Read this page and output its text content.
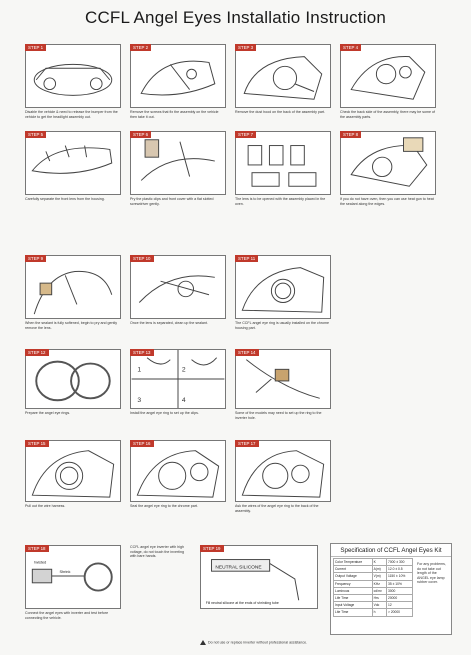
CCFL Angel Eyes Installatio Instruction
STEP 1
Disable the vehicle & need to release the bumper from the vehicle to get the headlight assembly out.
STEP 2
Remove the screws that fix the assembly on the vehicle then take it out.
STEP 3
Remove the dust hood on the back of the assembly part.
STEP 4
Check the back side of the assembly, there may be some of the assembly parts.
STEP 5
Carefully separate the front lens from the housing.
STEP 6
Pry the plastic clips and front cover with a flat slotted screwdriver gently.
STEP 7
The lens is to be opened with the assembly placed in the oven.
STEP 8
If you do not have oven, then you can use heat gun to heat the sealant along the edges.
STEP 9
When the sealant is fully softened, begin to pry and gently remove the lens.
STEP 10
Once the lens is separated, clean up the sealant.
STEP 11
The CCFL angel eye ring is usually installed on the chrome housing part.
STEP 12
Prepare the angel eye rings.
1	2
3	4
STEP 13
Install the angel eye ring to set up the clips.
STEP 14
Some of the models may need to set up the ring to the inverter hole.
STEP 15
Pull out the wire harness.
STEP 16
Seal the angel eye ring to the chrome part.
STEP 17
Ask the wires of the angel eye ring to the back of the assembly.
twisted
Shrink
STEP 18
Connect the angel eyes with inverter and test before connecting the vehicle.
CCFL angel eye inverter with high voltage, do not touch the inverting with bare hands.
NEUTRAL SILICONE
Fill neutral silicone at the ends of shrinking tube
STEP 19	Specification of CCFL Angel Eyes Kit
Color Temperature	K	7000 ± 300
Current	A(m)	12.0 ± 0.5
Output Voltage	V(m)	1150 ± 10%
Frequency	KHz	35 ± 10%
Luminous	cd/m²	3000
Life Time	Hrs	20000
Input Voltage	Vdc	12
Lite Time	h	> 20000
For any problems, do not take out length of the ANGEL eye lamp rubber cover.
Do not use or replace inverter without professional assistance.
